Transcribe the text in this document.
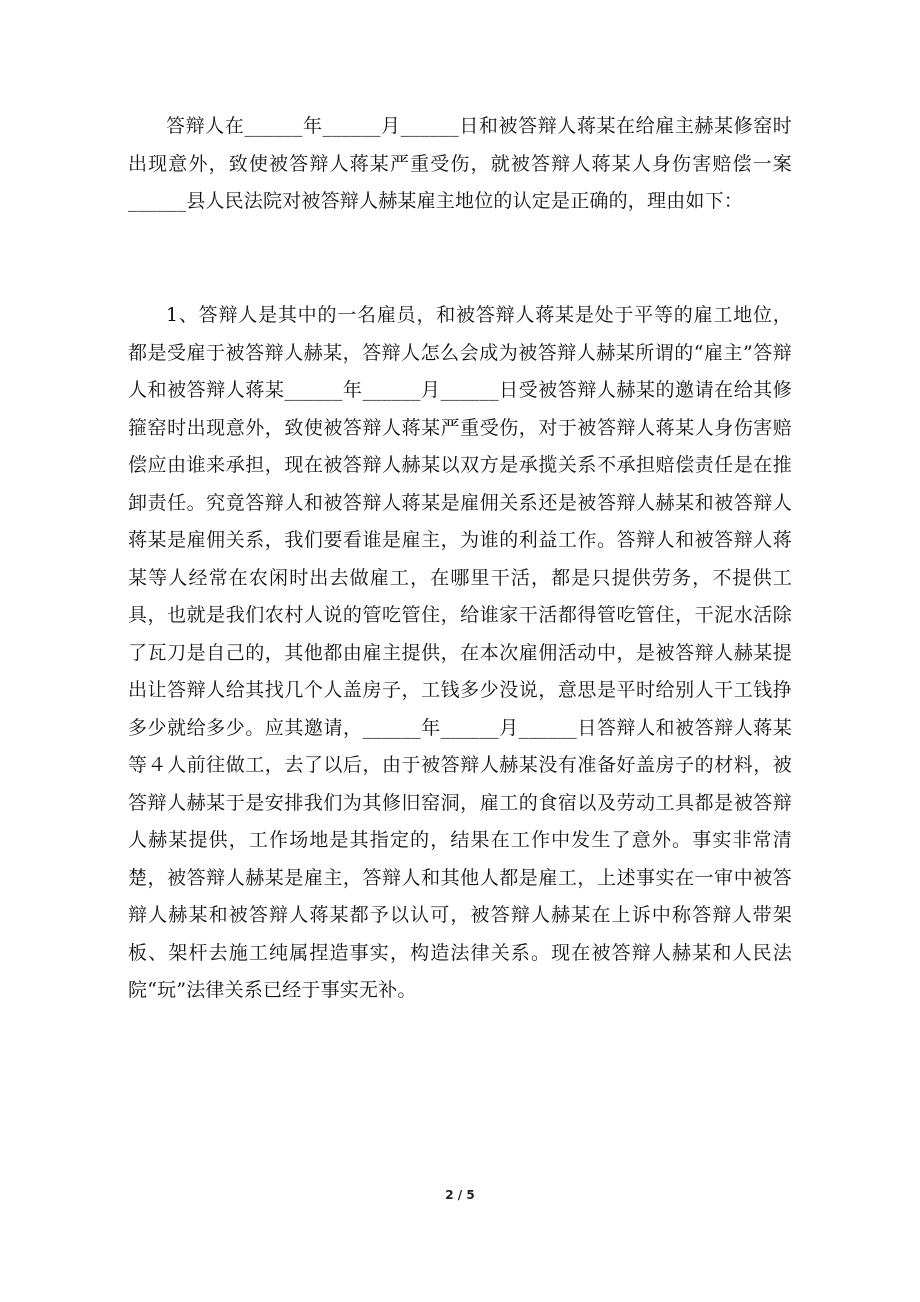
答辩人在______年______月______日和被答辩人蒋某在给雇主赫某修窑时出现意外，致使被答辩人蒋某严重受伤，就被答辩人蒋某人身伤害赔偿一案______县人民法院对被答辩人赫某雇主地位的认定是正确的，理由如下：

1、答辩人是其中的一名雇员，和被答辩人蒋某是处于平等的雇工地位，都是受雇于被答辩人赫某，答辩人怎么会成为被答辩人赫某所谓的“雇主”答辩人和被答辩人蒋某______年______月______日受被答辩人赫某的邀请在给其修箍窑时出现意外，致使被答辩人蒋某严重受伤，对于被答辩人蒋某人身伤害赔偿应由谁来承担，现在被答辩人赫某以双方是承揽关系不承担赔偿责任是在推卸责任。究竟答辩人和被答辩人蒋某是雇佣关系还是被答辩人赫某和被答辩人蒋某是雇佣关系，我们要看谁是雇主，为谁的利益工作。答辩人和被答辩人蒋某等人经常在农闲时出去做雇工，在哪里干活，都是只提供劳务，不提供工具，也就是我们农村人说的管吃管住，给谁家干活都得管吃管住，干泥水活除了瓦刀是自己的，其他都由雇主提供，在本次雇佣活动中，是被答辩人赫某提出让答辩人给其找几个人盖房子，工钱多少没说，意思是平时给别人干工钱挣多少就给多少。应其邀请，______年______月______日答辩人和被答辩人蒋某等４人前往做工，去了以后，由于被答辩人赫某没有准备好盖房子的材料，被答辩人赫某于是安排我们为其修旧窑洞，雇工的食宿以及劳动工具都是被答辩人赫某提供，工作场地是其指定的，结果在工作中发生了意外。事实非常清楚，被答辩人赫某是雇主，答辩人和其他人都是雇工，上述事实在一审中被答辩人赫某和被答辩人蒋某都予以认可，被答辩人赫某在上诉中称答辩人带架板、架杆去施工纯属捏造事实，构造法律关系。现在被答辩人赫某和人民法院“玩”法律关系已经于事实无补。

2 / 5
